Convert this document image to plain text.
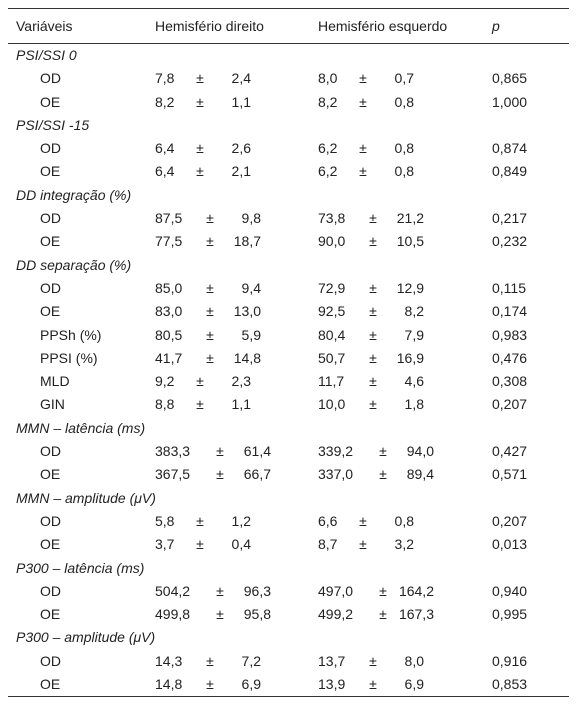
Variáveis	Hemisfério direito	Hemisfério esquerdo	p
PSI/SSI 0
OD	7,8 ±	2,4	8,0 ±	0,7	0,865
OE	8,2 ±	1,1	8,2 ±	0,8	1,000
PSI/SSI -15
OD	6,4 ±	2,6	6,2 ±	0,8	0,874
OE	6,4 ±	2,1	6,2 ±	0,8	0,849
DD integração (%)
OD	87,5 ±	9,8	73,8 ±	21,2	0,217
OE	77,5 ±	18,7	90,0 ±	10,5	0,232
DD separação (%)
OD	85,0 ±	9,4	72,9 ±	12,9	0,115
OE	83,0 ±	13,0	92,5 ±	8,2	0,174
PPSh (%)	80,5 ±	5,9	80,4 ±	7,9	0,983
PPSI (%)	41,7 ±	14,8	50,7 ±	16,9	0,476
MLD	9,2 ±	2,3	11,7 ±	4,6	0,308
GIN	8,8 ±	1,1	10,0 ±	1,8	0,207
MMN – latência (ms)
OD	383,3 ±	61,4	339,2 ±	94,0	0,427
OE	367,5 ±	66,7	337,0 ±	89,4	0,571
MMN – amplitude (μV)
OD	5,8 ±	1,2	6,6 ±	0,8	0,207
OE	3,7 ±	0,4	8,7 ±	3,2	0,013
P300 – latência (ms)
OD	504,2 ±	96,3	497,0 ± 164,2	0,940
OE	499,8 ±	95,8	499,2 ± 167,3	0,995
P300 – amplitude (μV)
OD	14,3 ±	7,2	13,7 ±	8,0	0,916
OE	14,8 ±	6,9	13,9 ±	6,9	0,853
